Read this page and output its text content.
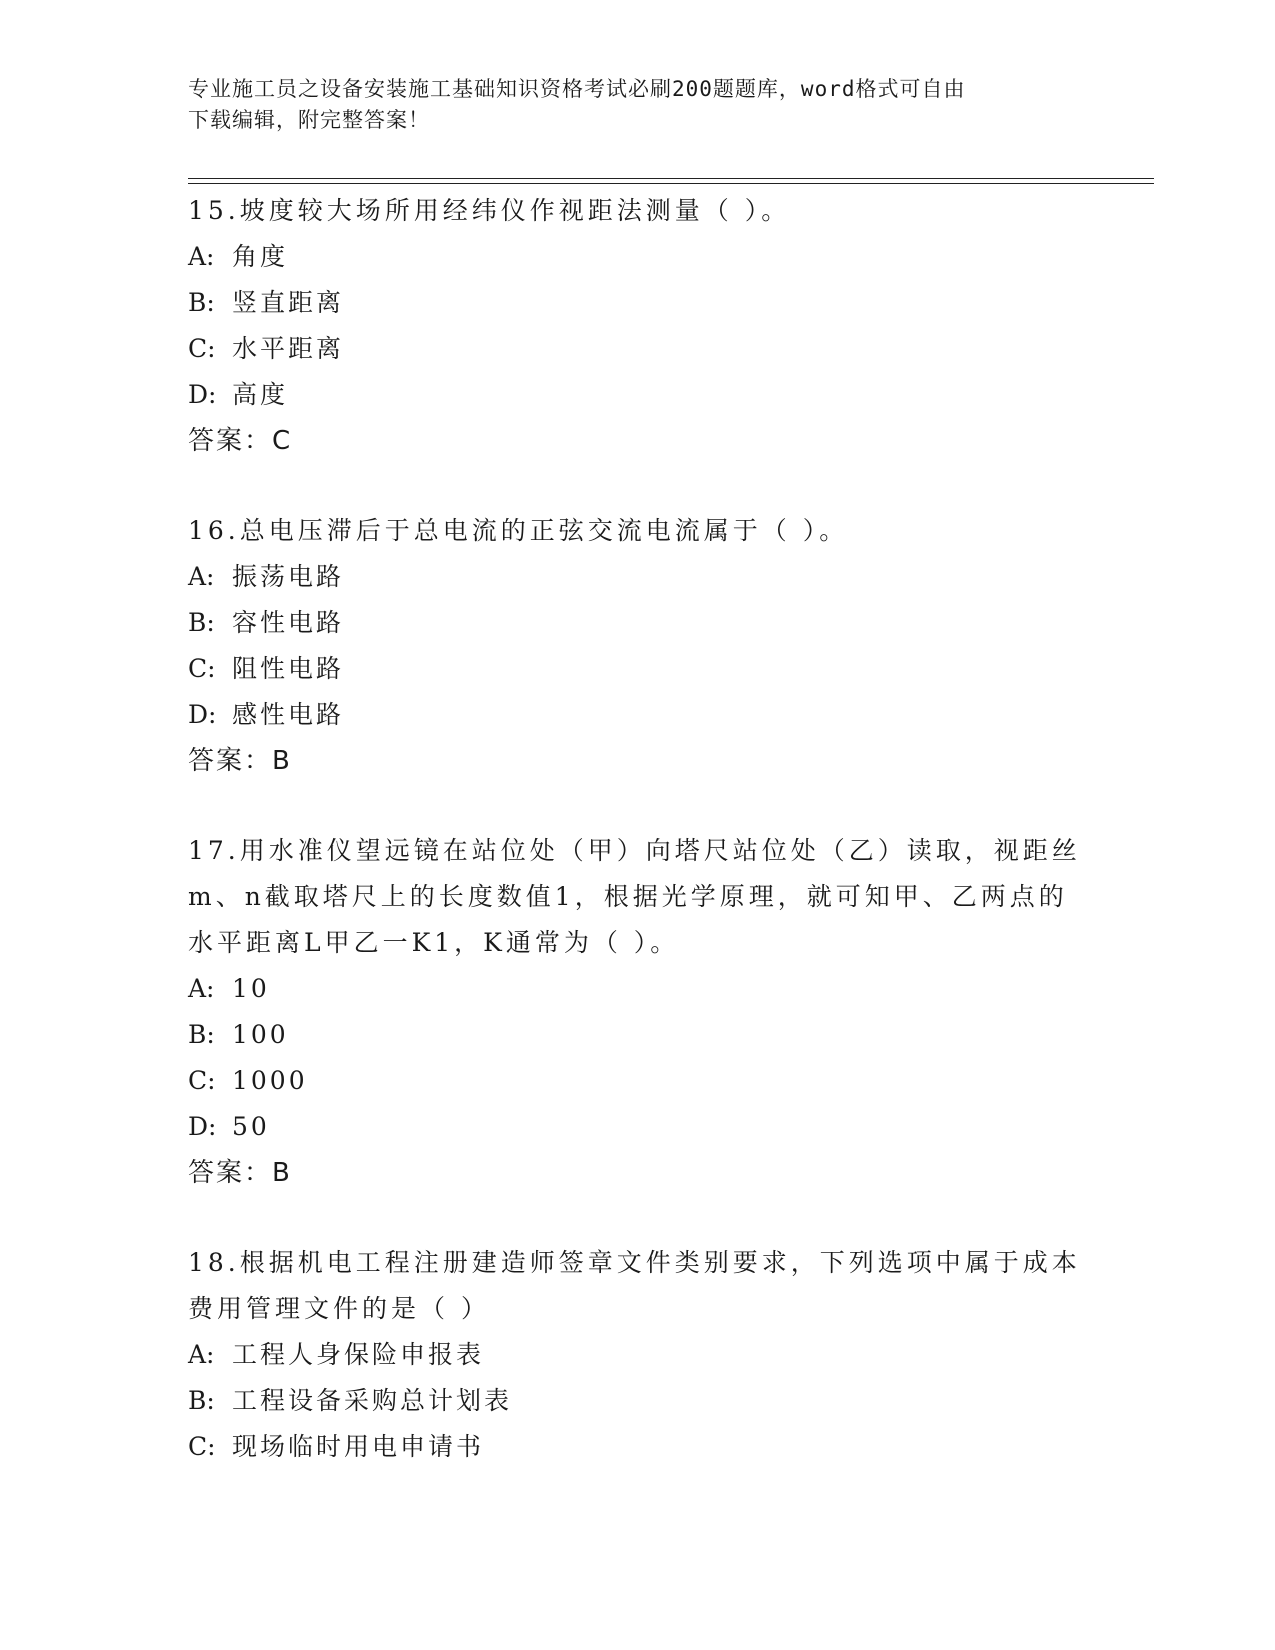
专业施工员之设备安装施工基础知识资格考试必刷200题题库，word格式可自由
下载编辑，附完整答案！
15.坡度较大场所用经纬仪作视距法测量（ ）。
A: 角度
B: 竖直距离
C: 水平距离
D: 高度
答案：C
16.总电压滞后于总电流的正弦交流电流属于（ ）。
A: 振荡电路
B: 容性电路
C: 阻性电路
D: 感性电路
答案：B
17.用水准仪望远镜在站位处（甲）向塔尺站位处（乙）读取，视距丝
m、n截取塔尺上的长度数值1，根据光学原理，就可知甲、乙两点的
水平距离L甲乙一K1，K通常为（ ）。
A: 10
B: 100
C: 1000
D: 50
答案：B
18.根据机电工程注册建造师签章文件类别要求，下列选项中属于成本
费用管理文件的是（ ）
A: 工程人身保险申报表
B: 工程设备采购总计划表
C: 现场临时用电申请书
